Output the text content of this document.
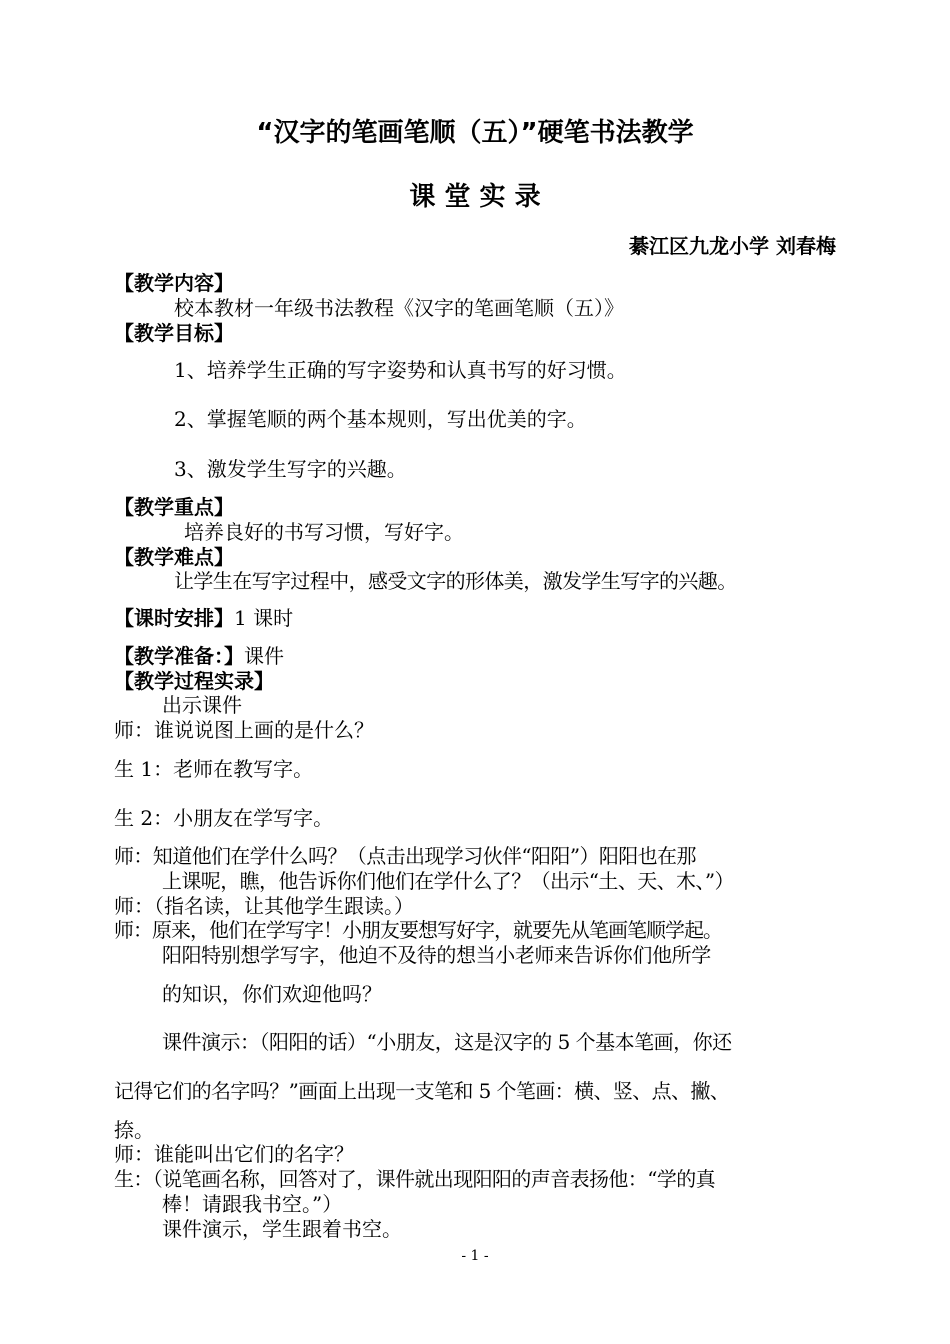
“汉字的笔画笔顺（五）”硬笔书法教学
课 堂 实 录
綦江区九龙小学 刘春梅
【教学内容】
校本教材一年级书法教程《汉字的笔画笔顺（五）》
【教学目标】
1、培养学生正确的写字姿势和认真书写的好习惯。
2、掌握笔顺的两个基本规则，写出优美的字。
3、激发学生写字的兴趣。
【教学重点】
培养良好的书写习惯，写好字。
【教学难点】
让学生在写字过程中，感受文字的形体美，激发学生写字的兴趣。
【课时安排】1 课时
【教学准备：】课件
【教学过程实录】
出示课件
师：谁说说图上画的是什么？
生 1：老师在教写字。
生 2：小朋友在学写字。
师：知道他们在学什么吗？（点击出现学习伙伴“阳阳”）阳阳也在那
上课呢，瞧，他告诉你们他们在学什么了？（出示“土、天、木、”）
师：（指名读，让其他学生跟读。）
师：原来，他们在学写字！小朋友要想写好字，就要先从笔画笔顺学起。
阳阳特别想学写字，他迫不及待的想当小老师来告诉你们他所学
的知识，你们欢迎他吗？
课件演示：（阳阳的话）“小朋友，这是汉字的 5 个基本笔画，你还
记得它们的名字吗？”画面上出现一支笔和 5 个笔画：横、竖、点、撇、
捺。
师：谁能叫出它们的名字？
生：（说笔画名称，回答对了，课件就出现阳阳的声音表扬他：“学的真
棒！请跟我书空。”）
课件演示，学生跟着书空。
- 1 -
